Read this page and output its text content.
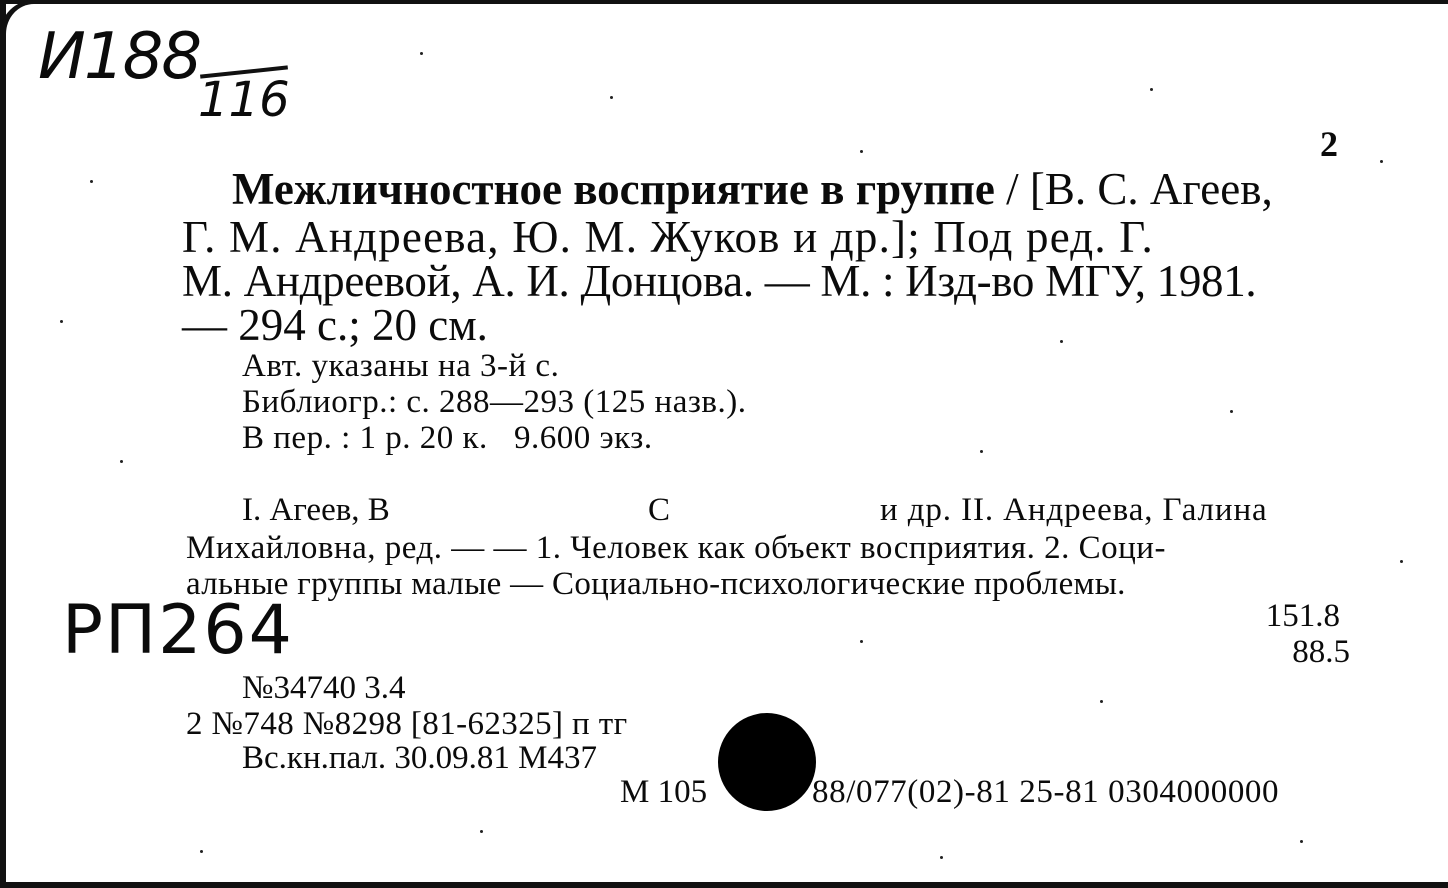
И188
116
2
Межличностное восприятие в группе / [В. С. Агеев,
Г. М. Андреева, Ю. М. Жуков и др.]; Под ред. Г.
М. Андреевой, А. И. Донцова. — М. : Изд-во МГУ, 1981.
— 294 с.; 20 см.
Авт. указаны на 3-й с.
Библиогр.: с. 288—293 (125 назв.).
В пер. : 1 р. 20 к.   9.600 экз.
I. Агеев, В	С	и др. II. Андреева, Галина
Михайловна, ред. — — 1. Человек как объект восприятия. 2. Соци-
альные группы малые — Социально-психологические проблемы.
РП264	151.8
88.5
№34740 3.4
2 №748 №8298 [81-62325] п тг
Вс.кн.пал. 30.09.81 М437
М 105	88/077(02)-81 25-81 0304000000
